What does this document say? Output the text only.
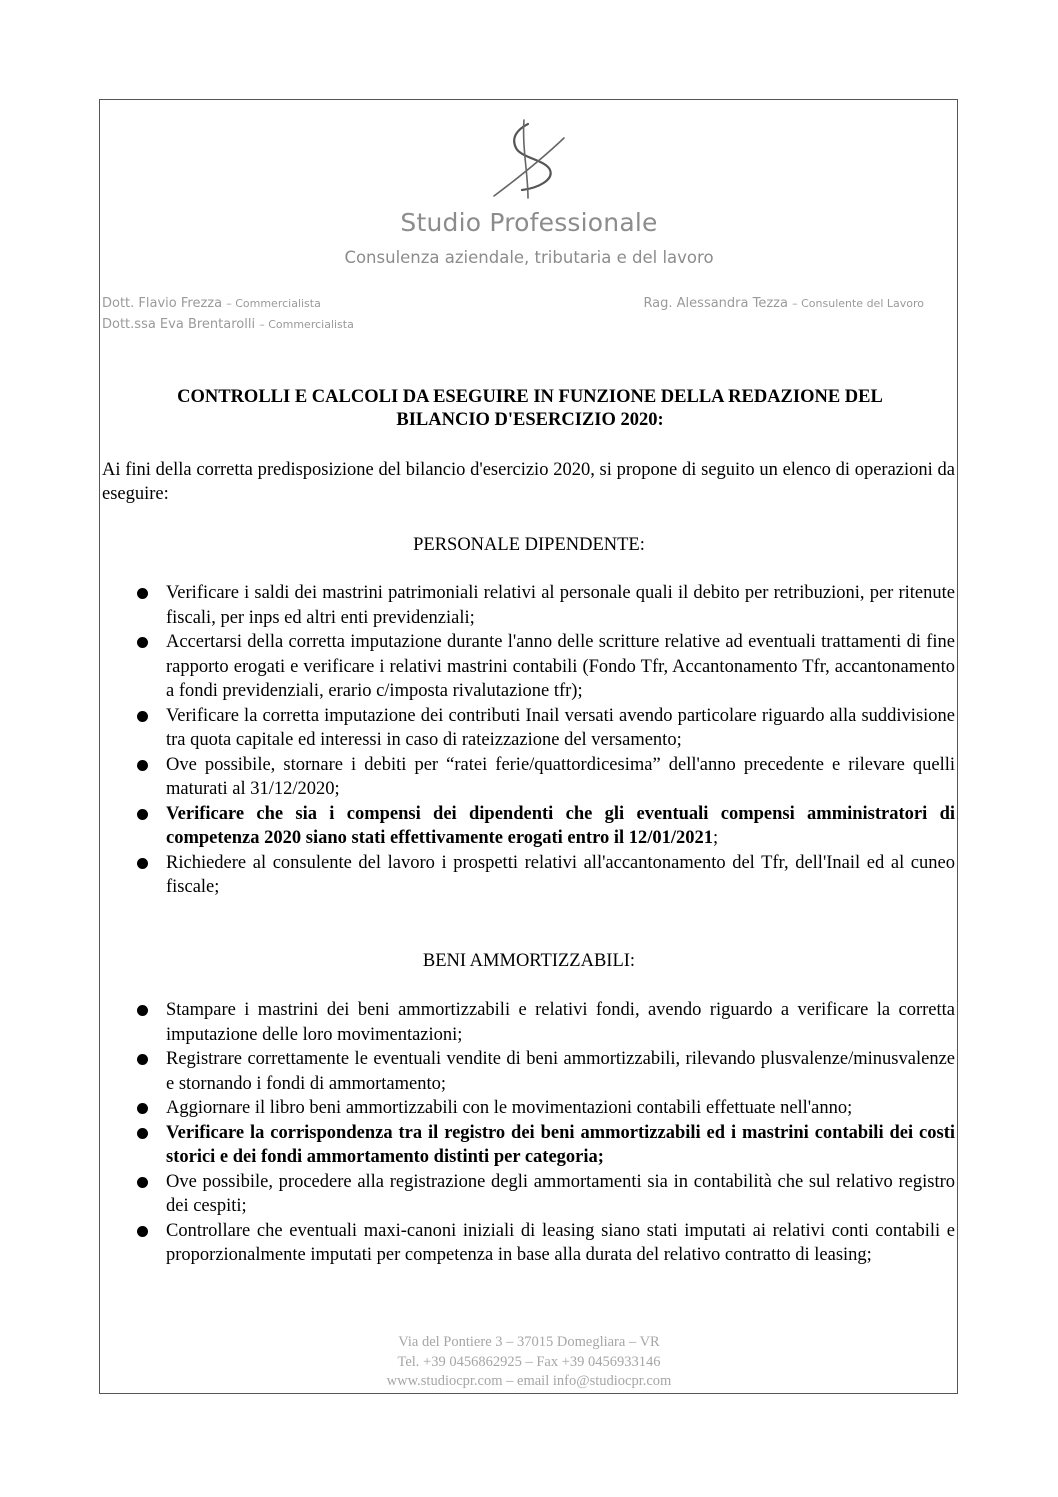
Studio Professionale
Consulenza aziendale, tributaria e del lavoro
Dott. Flavio Frezza – Commercialista	Rag. Alessandra Tezza – Consulente del Lavoro
Dott.ssa Eva Brentarolli – Commercialista
CONTROLLI E CALCOLI DA ESEGUIRE IN FUNZIONE DELLA REDAZIONE DEL
BILANCIO D'ESERCIZIO 2020:
Ai fini della corretta predisposizione del bilancio d'esercizio 2020, si propone di seguito un elenco di operazioni da eseguire:
PERSONALE DIPENDENTE:
Verificare i saldi dei mastrini patrimoniali relativi al personale quali il debito per retribuzioni, per ritenute fiscali, per inps ed altri enti previdenziali;
Accertarsi della corretta imputazione durante l'anno delle scritture relative ad eventuali trattamenti di fine rapporto erogati e verificare i relativi mastrini contabili (Fondo Tfr, Accantonamento Tfr, accantonamento a fondi previdenziali, erario c/imposta rivalutazione tfr);
Verificare la corretta imputazione dei contributi Inail versati avendo particolare riguardo alla suddivisione tra quota capitale ed interessi in caso di rateizzazione del versamento;
Ove possibile, stornare i debiti per “ratei ferie/quattordicesima” dell'anno precedente e rilevare quelli maturati al 31/12/2020;
Verificare che sia i compensi dei dipendenti che gli eventuali compensi amministratori di competenza 2020 siano stati effettivamente erogati entro il 12/01/2021;
Richiedere al consulente del lavoro i prospetti relativi all'accantonamento del Tfr, dell'Inail ed al cuneo fiscale;
BENI AMMORTIZZABILI:
Stampare i mastrini dei beni ammortizzabili e relativi fondi, avendo riguardo a verificare la corretta imputazione delle loro movimentazioni;
Registrare correttamente le eventuali vendite di beni ammortizzabili, rilevando plusvalenze/minusvalenze e stornando i fondi di ammortamento;
Aggiornare il libro beni ammortizzabili con le movimentazioni contabili effettuate nell'anno;
Verificare la corrispondenza tra il registro dei beni ammortizzabili ed i mastrini contabili dei costi storici e dei fondi ammortamento distinti per categoria;
Ove possibile, procedere alla registrazione degli ammortamenti sia in contabilità che sul relativo registro dei cespiti;
Controllare che eventuali maxi-canoni iniziali di leasing siano stati imputati ai relativi conti contabili e proporzionalmente imputati per competenza in base alla durata del relativo contratto di leasing;
Via del Pontiere 3 – 37015 Domegliara – VR
Tel. +39 0456862925 – Fax +39 0456933146
www.studiocpr.com – email info@studiocpr.com
